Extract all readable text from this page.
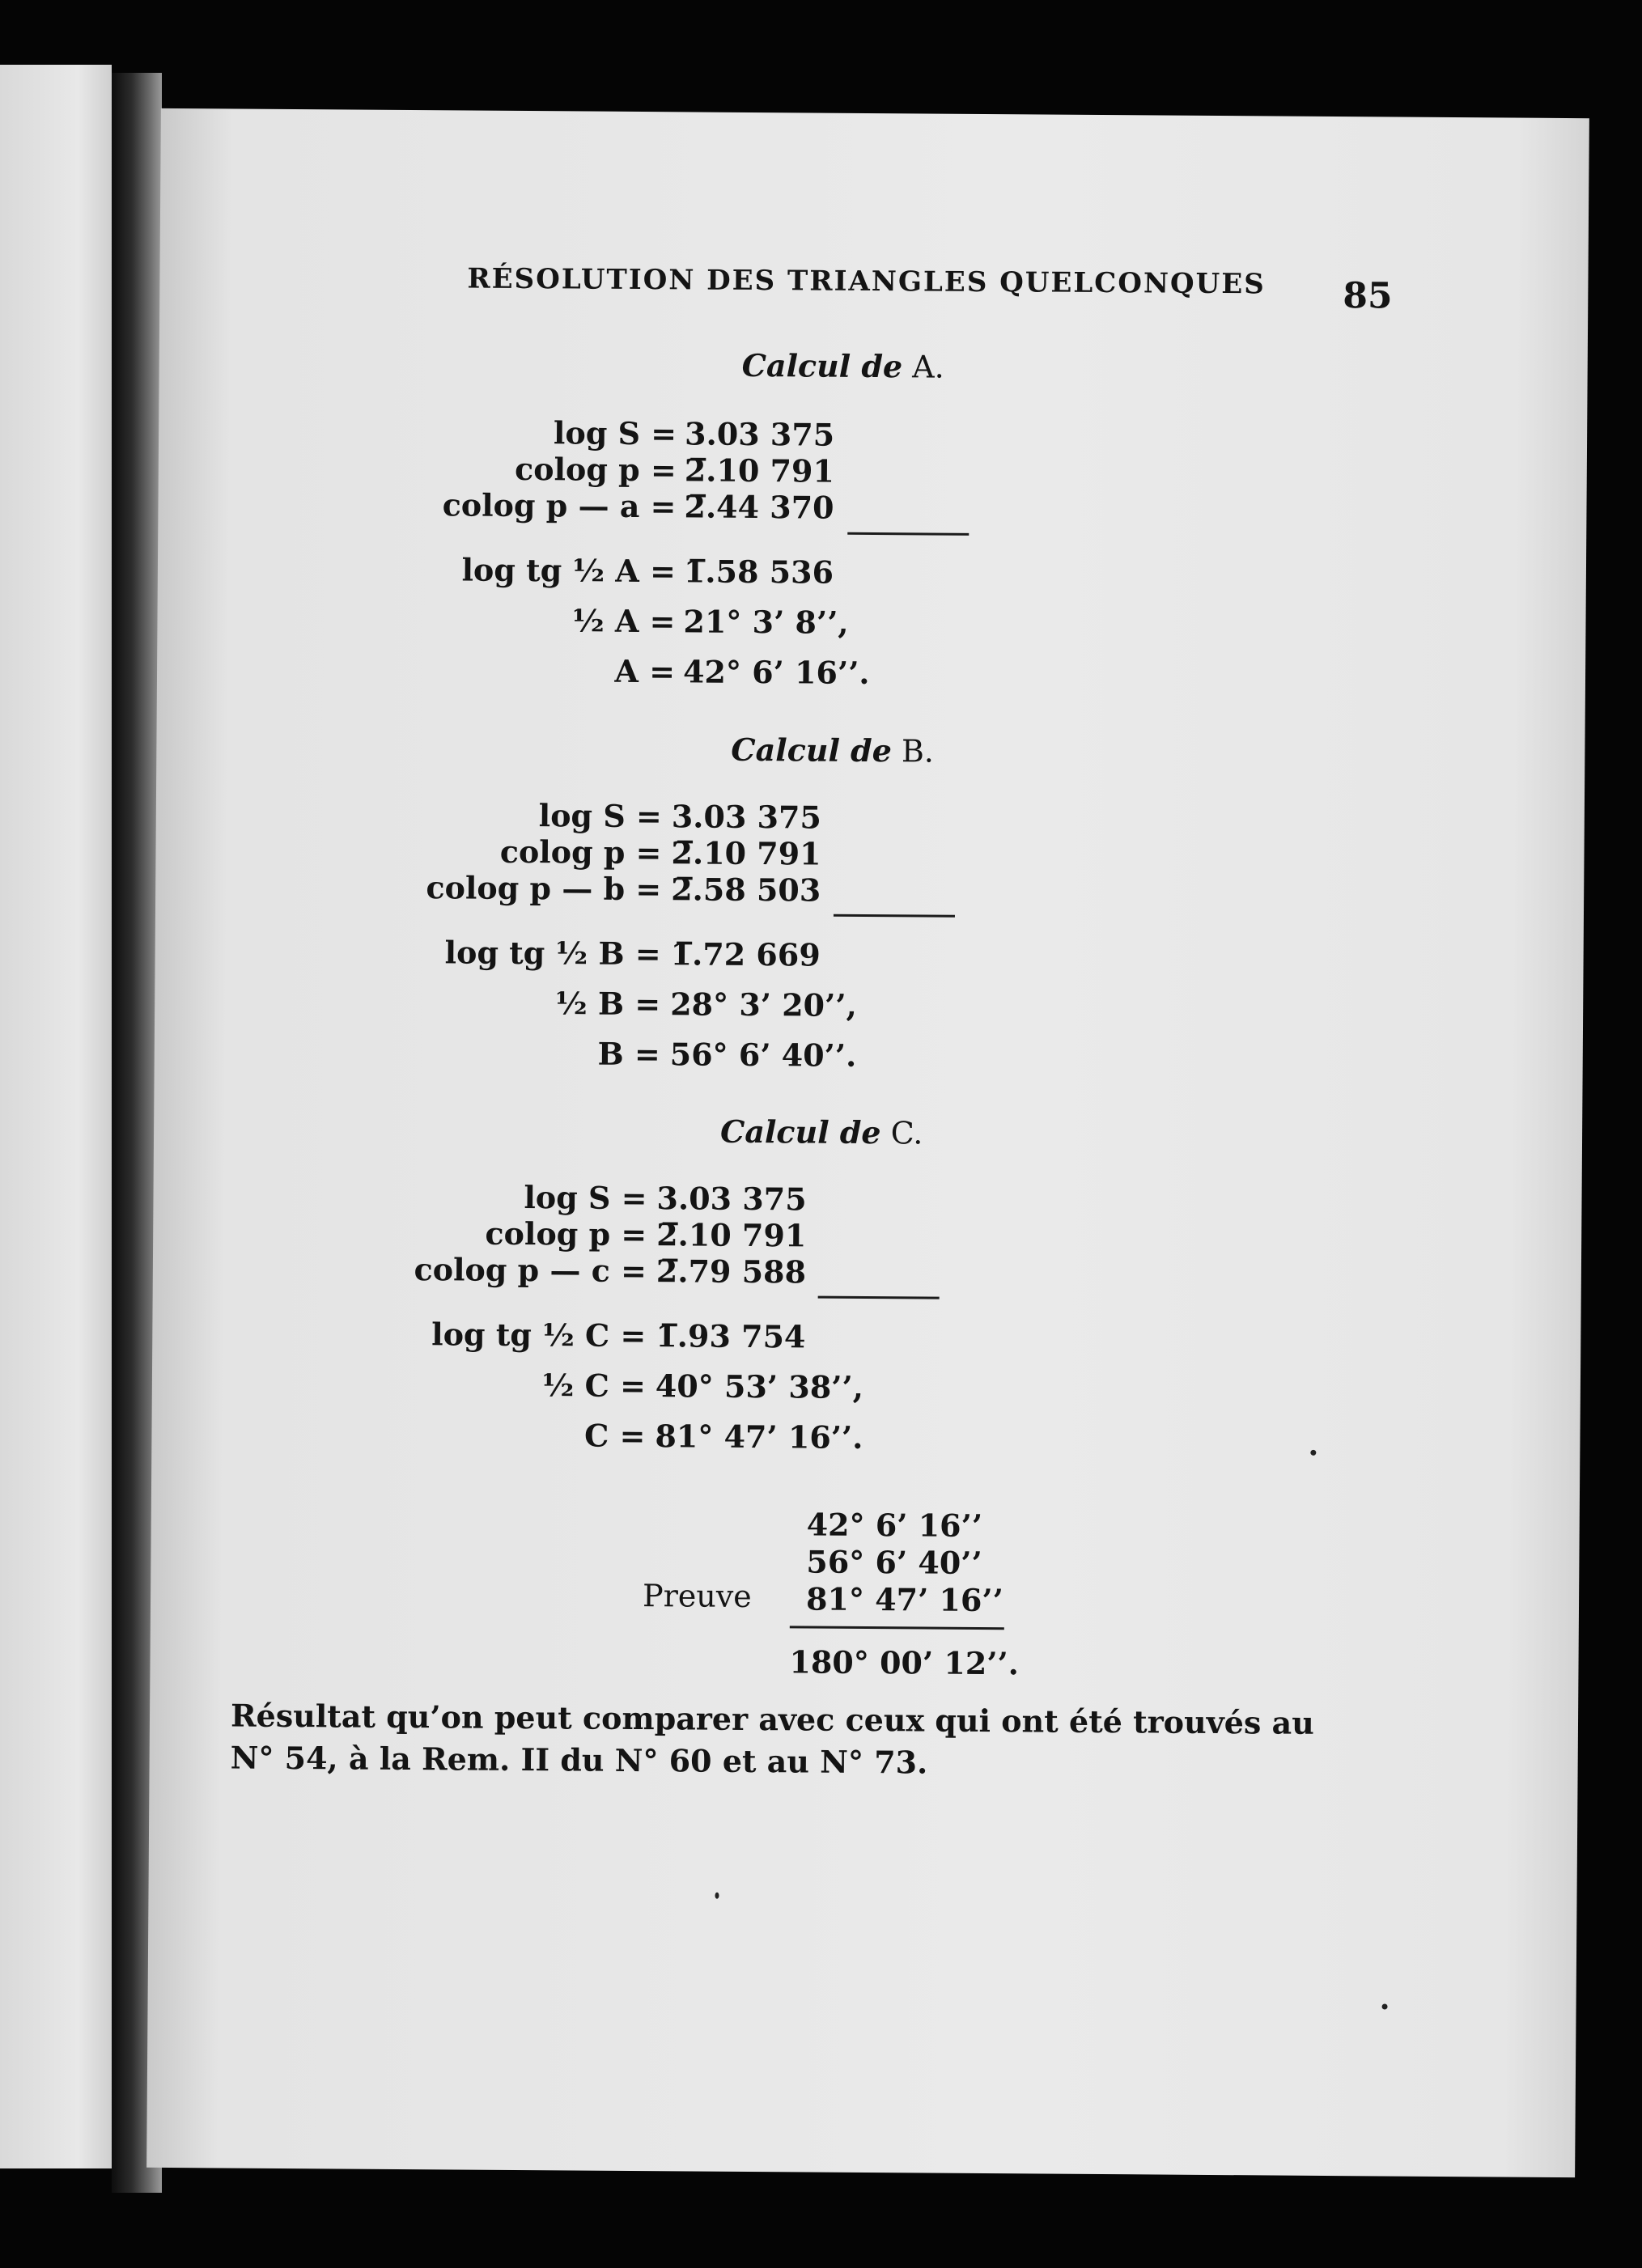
RÉSOLUTION DES TRIANGLES QUELCONQUES	85
Calcul de A.
log S = 3.03 375
colog p = 2̅.10 791
colog p — a = 2̅.44 370
log tg ½ A = 1̅.58 536
½ A = 21° 3’ 8’’,
A = 42° 6’ 16’’.
Calcul de B.
log S = 3.03 375
colog p = 2̅.10 791
colog p — b = 2̅.58 503
log tg ½ B = 1̅.72 669
½ B = 28° 3’ 20’’,
B = 56° 6’ 40’’.
Calcul de C.
log S = 3.03 375
colog p = 2̅.10 791
colog p — c = 2̅.79 588
log tg ½ C = 1̅.93 754
½ C = 40° 53’ 38’’,
C = 81° 47’ 16’’.
42° 6’ 16’’
56° 6’ 40’’
81° 47’ 16’’
Preuve
180° 00’ 12’’.
Résultat qu’on peut comparer avec ceux qui ont été trouvés au N° 54, à la Rem. II du N° 60 et au N° 73.
